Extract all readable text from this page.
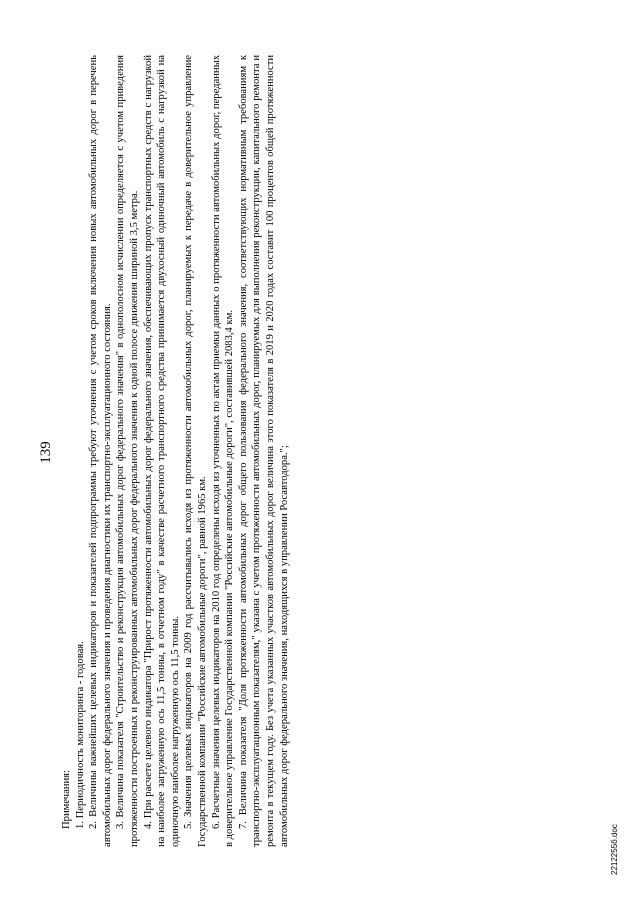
139

Примечания: 1. Периодичность мониторинга - годовая. 2. Величины важнейших целевых индикаторов и показателей подпрограммы требуют уточнения с учетом сроков включения новых автомобильных дорог в перечень автомобильных дорог федерального значения и проведения диагностики их транспортно-эксплуатационного состояния. 3. Величина показателя "Строительство и реконструкция автомобильных дорог федерального значения" в однополосном исчислении определяется с учетом приведения протяженности построенных и реконструированных автомобильных дорог федерального значения к одной полосе движения шириной 3,5 метра. 4. При расчете целевого индикатора "Прирост протяженности автомобильных дорог федерального значения, обеспечивающих пропуск транспортных средств с нагрузкой на наиболее загруженную ось 11,5 тонны, в отчетном году" в качестве расчетного транспортного средства принимается двухосный одиночный автомобиль с нагрузкой на одиночную наиболее нагруженную ось 11,5 тонны. 5. Значения целевых индикаторов на 2009 год рассчитывались исходя из протяженности автомобильных дорог, планируемых к передаче в доверительное управление Государственной компании "Российские автомобильные дороги", равной 1965 км. 6. Расчетные значения целевых индикаторов на 2010 год определены исходя из уточненных по актам приемки данных о протяженности автомобильных дорог, переданных в доверительное управление Государственной компании "Российские автомобильные дороги", составившей 2083,4 км. 7. Величина показателя "Доля протяженности автомобильных дорог общего пользования федерального значения, соответствующих нормативным требованиям к транспортно-эксплуатационным показателям," указана с учетом протяженности автомобильных дорог, планируемых для выполнения реконструкции, капитального ремонта и ремонта в текущем году. Без учета указанных участков автомобильных дорог величина этого показателя в 2019 и 2020 годах составит 100 процентов общей протяженности автомобильных дорог федерального значения, находящихся в управлении Росавтодора.";

2212255б.doc
